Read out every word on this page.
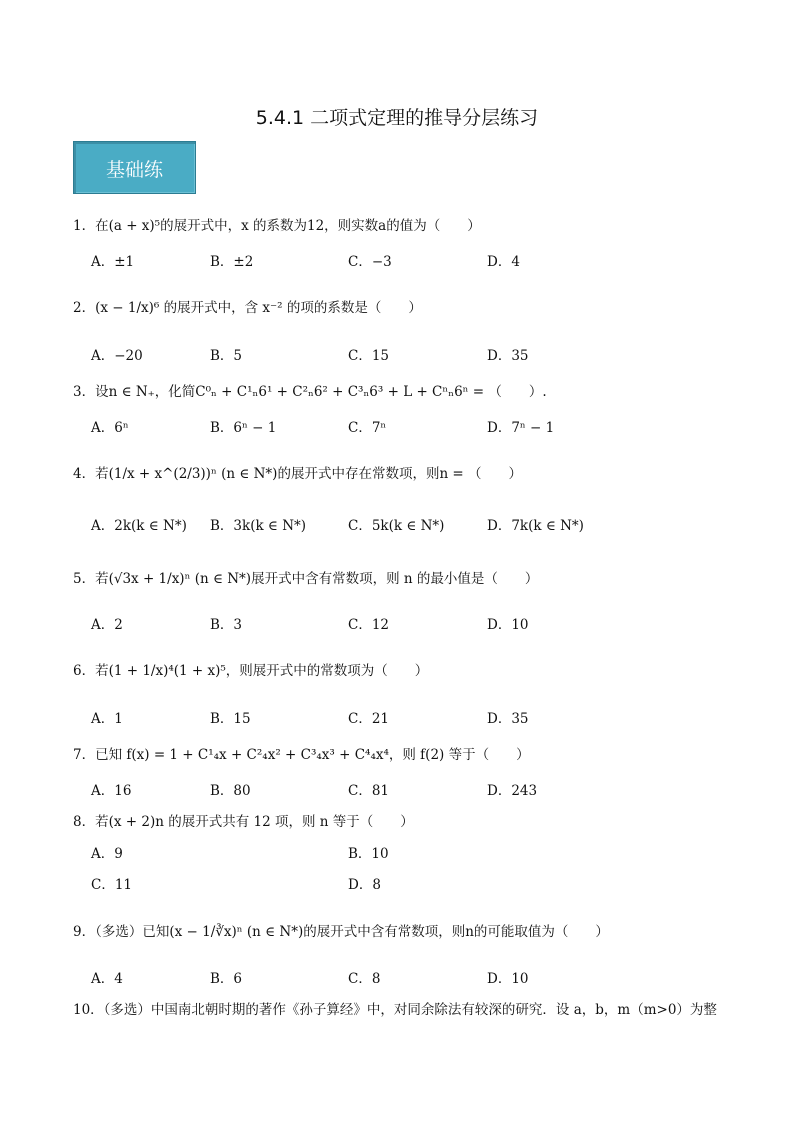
5.4.1 二项式定理的推导分层练习
基础练
1．在(a + x)⁵的展开式中，x 的系数为12，则实数a的值为（　　）
A．±1	B．±2	C．−3	D．4
2．(x − 1/x)⁶ 的展开式中，含 x⁻² 的项的系数是（　　）
A．−20	B．5	C．15	D．35
3．设n ∈ N₊，化简C⁰ₙ + C¹ₙ6¹ + C²ₙ6² + C³ₙ6³ + L + Cⁿₙ6ⁿ = （　　）.
A．6ⁿ	B．6ⁿ − 1	C．7ⁿ	D．7ⁿ − 1
4．若(1/x + x^(2/3))ⁿ (n ∈ N*)的展开式中存在常数项，则n = （　　）
A．2k(k ∈ N*) B．3k(k ∈ N*)	C．5k(k ∈ N*)	D．7k(k ∈ N*)
5．若(√3x + 1/x)ⁿ (n ∈ N*)展开式中含有常数项，则 n 的最小值是（　　）
A．2	B．3	C．12	D．10
6．若(1 + 1/x)⁴(1 + x)⁵，则展开式中的常数项为（　　）
A．1	B．15	C．21	D．35
7．已知 f(x) = 1 + C¹₄x + C²₄x² + C³₄x³ + C⁴₄x⁴，则 f(2) 等于（　　）
A．16	B．80	C．81	D．243
8．若(x + 2)n 的展开式共有 12 项，则 n 等于（　　）
A．9	B．10
C．11	D．8
9．（多选）已知(x − 1/∛x)ⁿ (n ∈ N*)的展开式中含有常数项，则n的可能取值为（　　）
A．4	B．6	C．8	D．10
10．（多选）中国南北朝时期的著作《孙子算经》中，对同余除法有较深的研究．设 a，b，m（m>0）为整
